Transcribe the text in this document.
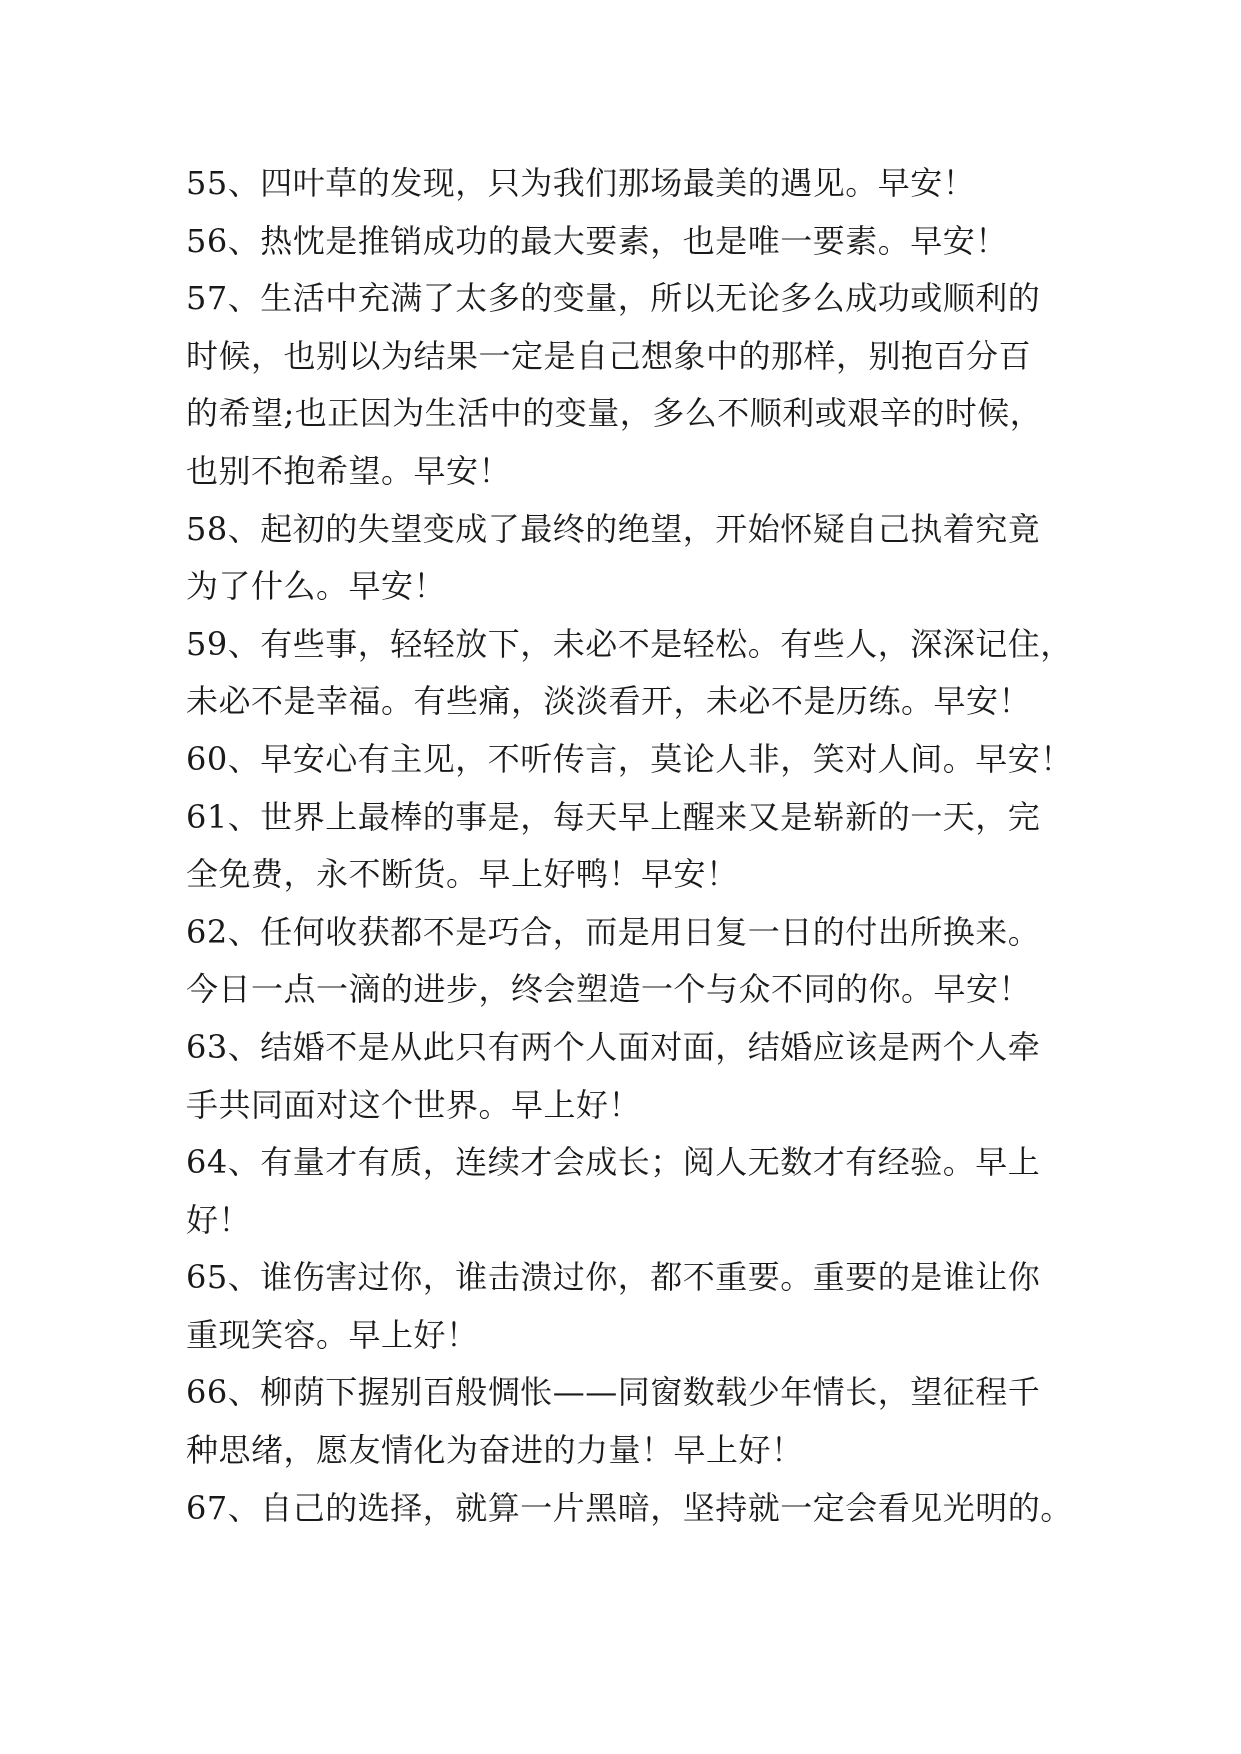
55、四叶草的发现，只为我们那场最美的遇见。早安！
56、热忱是推销成功的最大要素，也是唯一要素。早安！
57、生活中充满了太多的变量，所以无论多么成功或顺利的
时候，也别以为结果一定是自己想象中的那样，别抱百分百
的希望;也正因为生活中的变量，多么不顺利或艰辛的时候，
也别不抱希望。早安！
58、起初的失望变成了最终的绝望，开始怀疑自己执着究竟
为了什么。早安！
59、有些事，轻轻放下，未必不是轻松。有些人，深深记住，
未必不是幸福。有些痛，淡淡看开，未必不是历练。早安！
60、早安心有主见，不听传言，莫论人非，笑对人间。早安！
61、世界上最棒的事是，每天早上醒来又是崭新的一天，完
全免费，永不断货。早上好鸭！早安！
62、任何收获都不是巧合，而是用日复一日的付出所换来。
今日一点一滴的进步，终会塑造一个与众不同的你。早安！
63、结婚不是从此只有两个人面对面，结婚应该是两个人牵
手共同面对这个世界。早上好！
64、有量才有质，连续才会成长；阅人无数才有经验。早上
好！
65、谁伤害过你，谁击溃过你，都不重要。重要的是谁让你
重现笑容。早上好！
66、柳荫下握别百般惆怅——同窗数载少年情长，望征程千
种思绪，愿友情化为奋进的力量！早上好！
67、自己的选择，就算一片黑暗，坚持就一定会看见光明的。
